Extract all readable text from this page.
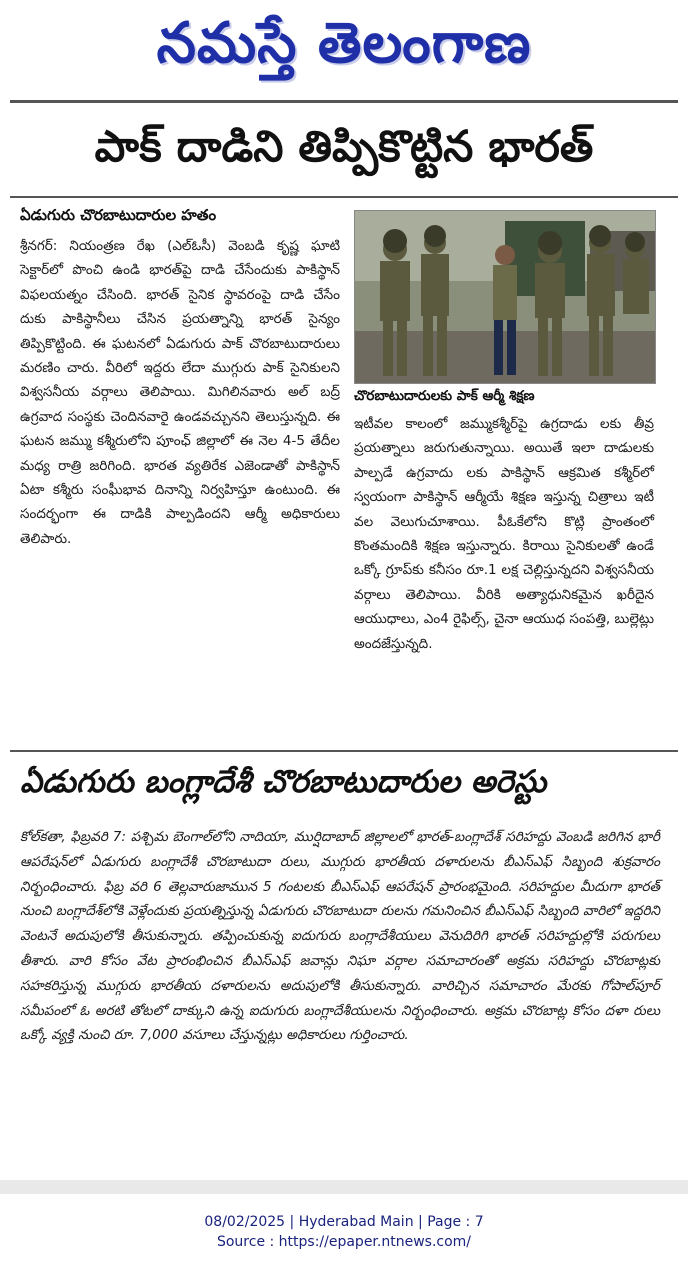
నమస్తే తెలంగాణ
పాక్ దాడిని తిప్పికొట్టిన భారత్
ఏడుగురు చొరబాటుదారుల హతం

శ్రీనగర్: నియంత్రణ రేఖ (ఎల్‌ఓసీ) వెంబడి కృష్ణ ఘాటి సెక్టార్‌లో పొంచి ఉండి భారత్‌పై దాడి చేసేందుకు పాకిస్థాన్ విఫలయత్నం చేసింది. భారత్ సైనిక స్థావరంపై దాడి చేసేం దుకు పాకిస్థానీలు చేసిన ప్రయత్నాన్ని భారత్ సైన్యం తిప్పికొట్టింది. ఈ ఘటనలో ఏడుగురు పాక్ చొరబాటుదారులు మరణిం చారు. వీరిలో ఇద్దరు లేదా ముగ్గురు పాక్ సైనికులని విశ్వసనీయ వర్గాలు తెలిపాయి. మిగిలినవారు అల్ బద్ర్ ఉగ్రవాద సంస్థకు చెందినవారై ఉండవచ్చునని తెలుస్తున్నది. ఈ ఘటన జమ్ము కశ్మీరులోని పూంఛ్ జిల్లాలో ఈ నెల 4-5 తేదీల మధ్య రాత్రి జరిగింది. భారత వ్యతిరేక ఎజెండాతో పాకిస్థాన్ ఏటా కశ్మీరు సంఘీభావ దినాన్ని నిర్వహిస్తూ ఉంటుంది. ఈ సందర్భంగా ఈ దాడికి పాల్పడిందని ఆర్మీ అధికారులు తెలిపారు.

చొరబాటుదారులకు పాక్ ఆర్మీ శిక్షణ

ఇటీవల కాలంలో జమ్ముకశ్మీర్‌పై ఉగ్రదాడు లకు తీవ్ర ప్రయత్నాలు జరుగుతున్నాయి. అయితే ఇలా దాడులకు పాల్పడే ఉగ్రవాదు లకు పాకిస్థాన్ ఆక్రమిత కశ్మీర్‌లో స్వయంగా పాకిస్థాన్ ఆర్మీయే శిక్షణ ఇస్తున్న చిత్రాలు ఇటీ వల వెలుగుచూశాయి. పీఓకేలోని కొట్లి ప్రాంతంలో కొంతమందికి శిక్షణ ఇస్తున్నారు. కిరాయి సైనికులతో ఉండే ఒక్కో గ్రూప్‌కు కనీసం రూ.1 లక్ష చెల్లిస్తున్నదని విశ్వసనీయ వర్గాలు తెలిపాయి. వీరికి అత్యాధునికమైన ఖరీదైన ఆయుధాలు, ఎం4 రైఫిల్స్, చైనా ఆయుధ సంపత్తి, బుల్లెట్లు అందజేస్తున్నది.

ఏడుగురు బంగ్లాదేశీ చొరబాటుదారుల అరెస్టు

కోల్‌కతా, ఫిబ్రవరి 7: పశ్చిమ బెంగాల్‌లోని నాదియా, ముర్షిదాబాద్ జిల్లాలలో భారత్-బంగ్లాదేశ్ సరిహద్దు వెంబడి జరిగిన భారీ ఆపరేషన్‌లో ఏడుగురు బంగ్లాదేశీ చొరబాటుదా రులు, ముగ్గురు భారతీయ దళారులను బీఎస్‌ఎఫ్ సిబ్బంది శుక్రవారం నిర్బంధించారు. ఫిబ్ర వరి 6 తెల్లవారుజామున 5 గంటలకు బీఎస్‌ఎఫ్ ఆపరేషన్ ప్రారంభమైంది. సరిహద్దుల మీదుగా భారత్ నుంచి బంగ్లాదేశ్‌లోకి వెళ్లేందుకు ప్రయత్నిస్తున్న ఏడుగురు చొరబాటుదా రులను గమనించిన బీఎస్‌ఎఫ్ సిబ్బంది వారిలో ఇద్దరిని వెంటనే అదుపులోకి తీసుకున్నారు. తప్పించుకున్న ఐదుగురు బంగ్లాదేశీయులు వెనుదిరిగి భారత్ సరిహద్దుల్లోకి పరుగులు తీశారు. వారి కోసం వేట ప్రారంభించిన బీఎస్‌ఎఫ్ జవాన్లు నిఘా వర్గాల సమాచారంతో అక్రమ సరిహద్దు చొరబాట్లకు సహకరిస్తున్న ముగ్గురు భారతీయ దళారులను అదుపులోకి తీసుకున్నారు. వారిచ్చిన సమాచారం మేరకు గోపాల్‌పూర్ సమీపంలో ఓ అరటి తోటలో దాక్కుని ఉన్న ఐదుగురు బంగ్లాదేశీయులను నిర్బంధించారు. అక్రమ చొరబాట్ల కోసం దళా రులు ఒక్కో వ్యక్తి నుంచి రూ. 7,000 వసూలు చేస్తున్నట్లు అధికారులు గుర్తించారు.

08/02/2025 | Hyderabad Main | Page : 7
Source : https://epaper.ntnews.com/
